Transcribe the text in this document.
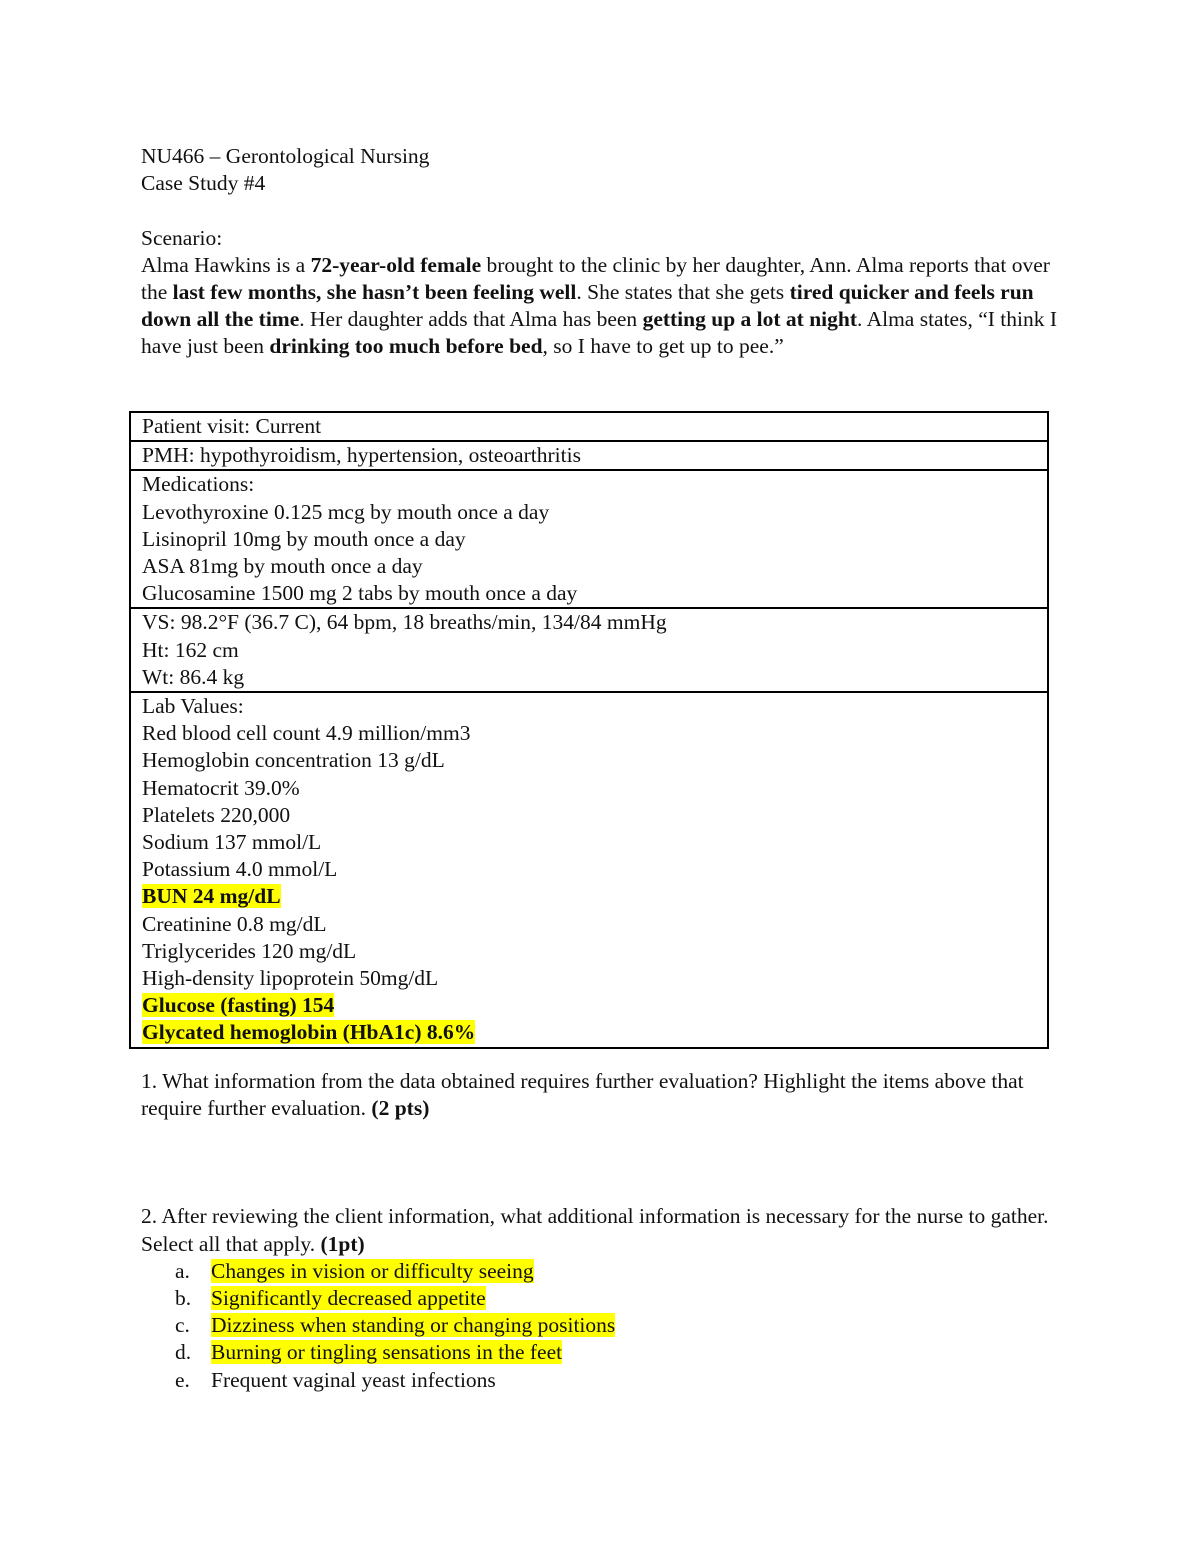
NU466 – Gerontological Nursing
Case Study #4
Scenario:
Alma Hawkins is a 72-year-old female brought to the clinic by her daughter, Ann. Alma reports that over the last few months, she hasn’t been feeling well. She states that she gets tired quicker and feels run down all the time. Her daughter adds that Alma has been getting up a lot at night. Alma states, “I think I have just been drinking too much before bed, so I have to get up to pee.”
Patient visit: Current
PMH: hypothyroidism, hypertension, osteoarthritis

Medications:
Levothyroxine 0.125 mcg by mouth once a day
Lisinopril 10mg by mouth once a day
ASA 81mg by mouth once a day
Glucosamine 1500 mg 2 tabs by mouth once a day

VS: 98.2°F (36.7 C), 64 bpm, 18 breaths/min, 134/84 mmHg
Ht: 162 cm
Wt: 86.4 kg

Lab Values:
Red blood cell count 4.9 million/mm3
Hemoglobin concentration 13 g/dL
Hematocrit 39.0%
Platelets 220,000
Sodium 137 mmol/L
Potassium 4.0 mmol/L
BUN 24 mg/dL
Creatinine 0.8 mg/dL
Triglycerides 120 mg/dL
High-density lipoprotein 50mg/dL
Glucose (fasting) 154
Glycated hemoglobin (HbA1c) 8.6%
1. What information from the data obtained requires further evaluation? Highlight the items above that require further evaluation. (2 pts)
2. After reviewing the client information, what additional information is necessary for the nurse to gather. Select all that apply. (1pt)
a. Changes in vision or difficulty seeing
b. Significantly decreased appetite
c. Dizziness when standing or changing positions
d. Burning or tingling sensations in the feet
e. Frequent vaginal yeast infections
